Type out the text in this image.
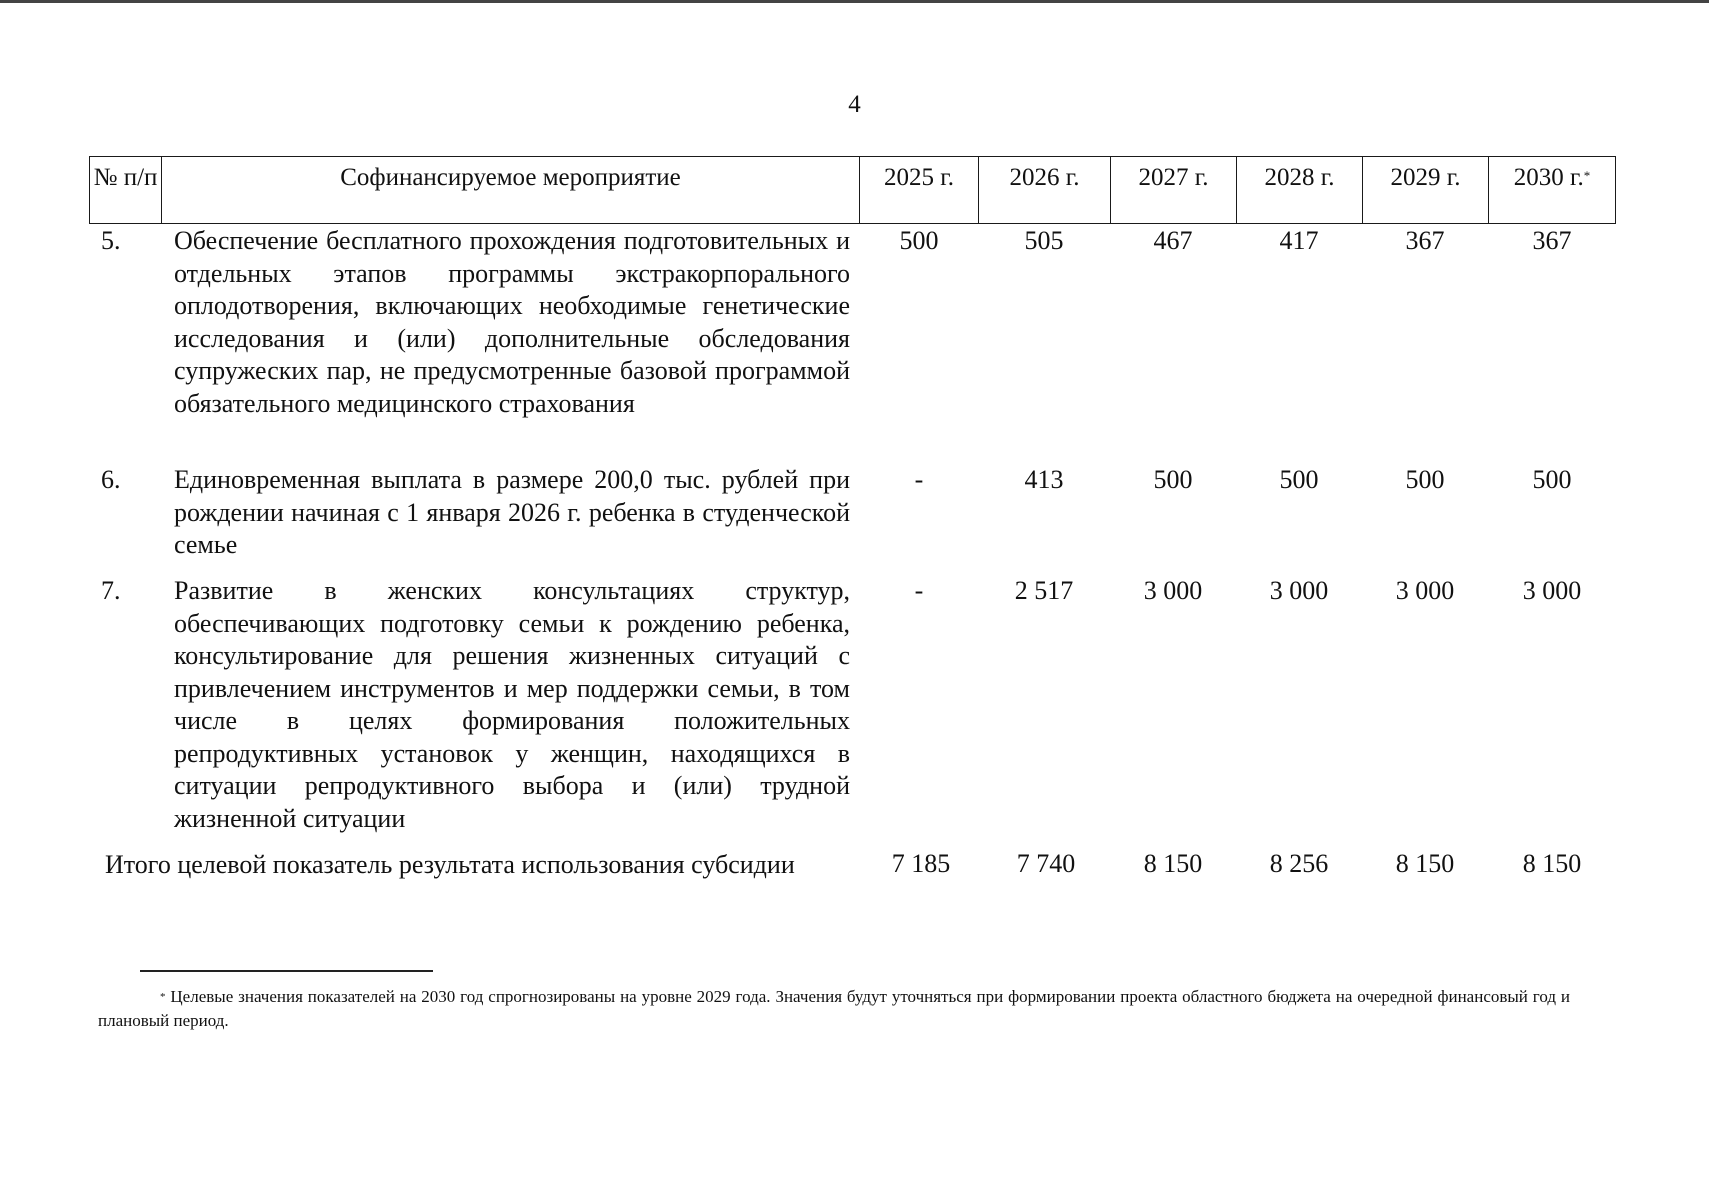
4
№ п/п	Софинансируемое мероприятие	2025 г.	2026 г.	2027 г.	2028 г.	2029 г.	2030 г.*
5. Обеспечение бесплатного прохождения подготовительных и отдельных этапов программы экстракорпорального оплодотворения, включающих необходимые генетические исследования и (или) дополнительные обследования супружеских пар, не предусмотренные базовой программой обязательного медицинского страхования
500	505	467	417	367	367
6. Единовременная выплата в размере 200,0 тыс. рублей при рождении начиная с 1 января 2026 г. ребенка в студенческой семье
-	413	500	500	500	500
7. Развитие в женских консультациях структур, обеспечивающих подготовку семьи к рождению ребенка, консультирование для решения жизненных ситуаций с привлечением инструментов и мер поддержки семьи, в том числе в целях формирования положительных репродуктивных установок у женщин, находящихся в ситуации репродуктивного выбора и (или) трудной жизненной ситуации
-	2 517	3 000	3 000	3 000	3 000
Итого целевой показатель результата использования субсидии	7 185	7 740	8 150	8 256	8 150	8 150
* Целевые значения показателей на 2030 год спрогнозированы на уровне 2029 года. Значения будут уточняться при формировании проекта областного бюджета на очередной финансовый год и плановый период.
